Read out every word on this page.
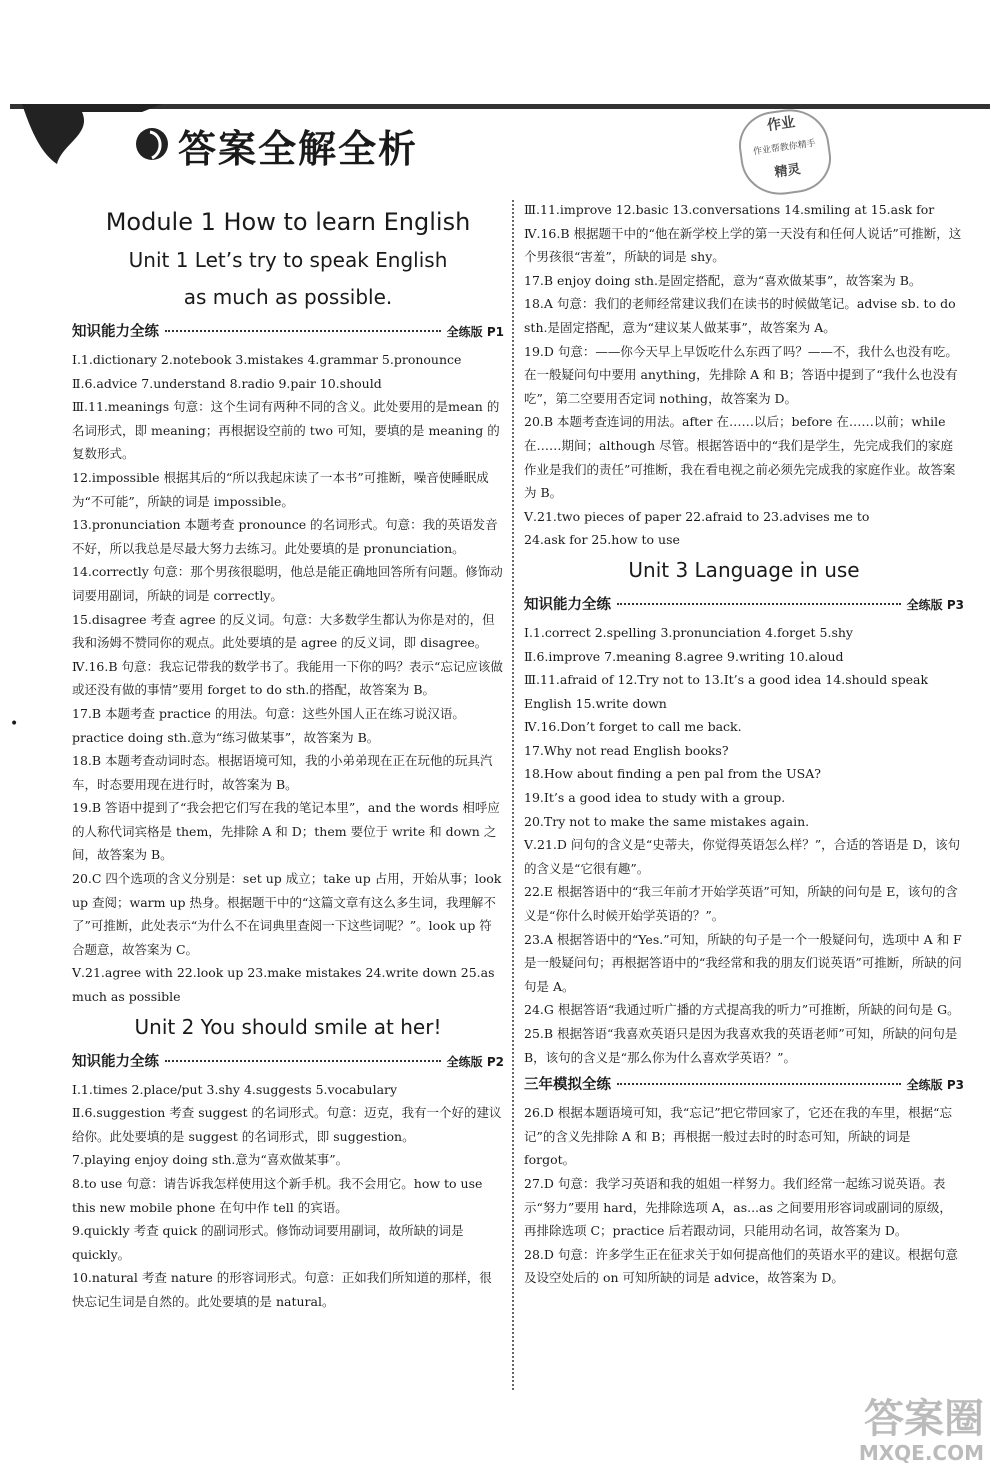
答案全解全析
作业
作业帮教你精手
精灵
•
Module 1 How to learn English
Unit 1 Let’s try to speak English
as much as possible.
知识能力全练	全练版 P1
Ⅰ.1.dictionary 2.notebook 3.mistakes 4.grammar 5.pronounce
Ⅱ.6.advice 7.understand 8.radio 9.pair 10.should
Ⅲ.11.meanings 句意：这个生词有两种不同的含义。此处要用的是mean 的名词形式，即 meaning；再根据设空前的 two 可知，要填的是 meaning 的复数形式。
12.impossible 根据其后的“所以我起床读了一本书”可推断，噪音使睡眠成为“不可能”，所缺的词是 impossible。
13.pronunciation 本题考查 pronounce 的名词形式。句意：我的英语发音不好，所以我总是尽最大努力去练习。此处要填的是 pronunciation。
14.correctly 句意：那个男孩很聪明，他总是能正确地回答所有问题。修饰动词要用副词，所缺的词是 correctly。
15.disagree 考查 agree 的反义词。句意：大多数学生都认为你是对的，但我和汤姆不赞同你的观点。此处要填的是 agree 的反义词，即 disagree。
Ⅳ.16.B 句意：我忘记带我的数学书了。我能用一下你的吗？表示“忘记应该做或还没有做的事情”要用 forget to do sth.的搭配，故答案为 B。
17.B 本题考查 practice 的用法。句意：这些外国人正在练习说汉语。practice doing sth.意为“练习做某事”，故答案为 B。
18.B 本题考查动词时态。根据语境可知，我的小弟弟现在正在玩他的玩具汽车，时态要用现在进行时，故答案为 B。
19.B 答语中提到了“我会把它们写在我的笔记本里”，and the words 相呼应的人称代词宾格是 them，先排除 A 和 D；them 要位于 write 和 down 之间，故答案为 B。
20.C 四个选项的含义分别是：set up 成立；take up 占用，开始从事；look up 查阅；warm up 热身。根据题干中的“这篇文章有这么多生词，我理解不了”可推断，此处表示“为什么不在词典里查阅一下这些词呢？”。look up 符合题意，故答案为 C。
Ⅴ.21.agree with 22.look up 23.make mistakes 24.write down 25.as much as possible
Unit 2 You should smile at her!
知识能力全练	全练版 P2
Ⅰ.1.times 2.place/put 3.shy 4.suggests 5.vocabulary
Ⅱ.6.suggestion 考查 suggest 的名词形式。句意：迈克，我有一个好的建议给你。此处要填的是 suggest 的名词形式，即 suggestion。
7.playing enjoy doing sth.意为“喜欢做某事”。
8.to use 句意：请告诉我怎样使用这个新手机。我不会用它。how to use this new mobile phone 在句中作 tell 的宾语。
9.quickly 考查 quick 的副词形式。修饰动词要用副词，故所缺的词是 quickly。
10.natural 考查 nature 的形容词形式。句意：正如我们所知道的那样，很快忘记生词是自然的。此处要填的是 natural。
Ⅲ.11.improve 12.basic 13.conversations 14.smiling at 15.ask for
Ⅳ.16.B 根据题干中的“他在新学校上学的第一天没有和任何人说话”可推断，这个男孩很“害羞”，所缺的词是 shy。
17.B enjoy doing sth.是固定搭配，意为“喜欢做某事”，故答案为 B。
18.A 句意：我们的老师经常建议我们在读书的时候做笔记。advise sb. to do sth.是固定搭配，意为“建议某人做某事”，故答案为 A。
19.D 句意：——你今天早上早饭吃什么东西了吗？——不，我什么也没有吃。在一般疑问句中要用 anything，先排除 A 和 B；答语中提到了“我什么也没有吃”，第二空要用否定词 nothing，故答案为 D。
20.B 本题考查连词的用法。after 在……以后；before 在……以前；while 在……期间；although 尽管。根据答语中的“我们是学生，先完成我们的家庭作业是我们的责任”可推断，我在看电视之前必须先完成我的家庭作业。故答案为 B。
Ⅴ.21.two pieces of paper 22.afraid to 23.advises me to
24.ask for 25.how to use
Unit 3 Language in use
知识能力全练	全练版 P3
Ⅰ.1.correct 2.spelling 3.pronunciation 4.forget 5.shy
Ⅱ.6.improve 7.meaning 8.agree 9.writing 10.aloud
Ⅲ.11.afraid of 12.Try not to 13.It’s a good idea 14.should speak English 15.write down
Ⅳ.16.Don’t forget to call me back.
17.Why not read English books?
18.How about finding a pen pal from the USA?
19.It’s a good idea to study with a group.
20.Try not to make the same mistakes again.
Ⅴ.21.D 问句的含义是“史蒂夫，你觉得英语怎么样？”，合适的答语是 D，该句的含义是“它很有趣”。
22.E 根据答语中的“我三年前才开始学英语”可知，所缺的问句是 E，该句的含义是“你什么时候开始学英语的？”。
23.A 根据答语中的“Yes.”可知，所缺的句子是一个一般疑问句，选项中 A 和 F 是一般疑问句；再根据答语中的“我经常和我的朋友们说英语”可推断，所缺的问句是 A。
24.G 根据答语“我通过听广播的方式提高我的听力”可推断，所缺的问句是 G。
25.B 根据答语“我喜欢英语只是因为我喜欢我的英语老师”可知，所缺的问句是 B，该句的含义是“那么你为什么喜欢学英语？”。
三年模拟全练	全练版 P3
26.D 根据本题语境可知，我“忘记”把它带回家了，它还在我的车里，根据“忘记”的含义先排除 A 和 B；再根据一般过去时的时态可知，所缺的词是 forgot。
27.D 句意：我学习英语和我的姐姐一样努力。我们经常一起练习说英语。表示“努力”要用 hard，先排除选项 A，as...as 之间要用形容词或副词的原级，再排除选项 C；practice 后若跟动词，只能用动名词，故答案为 D。
28.D 句意：许多学生正在征求关于如何提高他们的英语水平的建议。根据句意及设空处后的 on 可知所缺的词是 advice，故答案为 D。
答案圈
MXQE.COM
